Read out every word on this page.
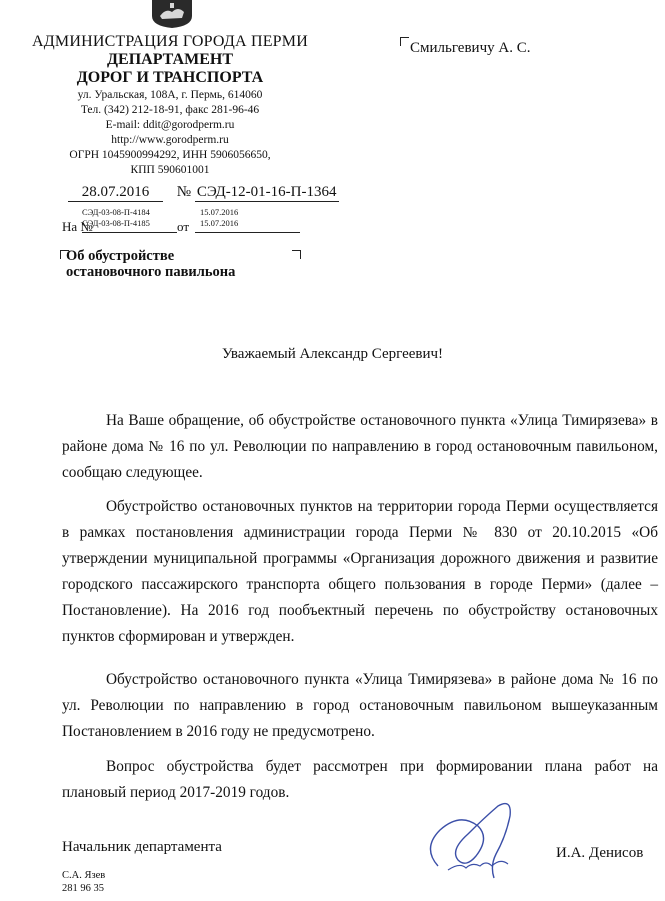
АДМИНИСТРАЦИЯ ГОРОДА ПЕРМИ
ДЕПАРТАМЕНТ
ДОРОГ И ТРАНСПОРТА
ул. Уральская, 108А, г. Пермь, 614060
Тел. (342) 212-18-91, факс 281-96-46
E-mail: ddit@gorodperm.ru
http://www.gorodperm.ru
ОГРН 1045900994292, ИНН 5906056650,
КПП 590601001
Смильгевичу А. С.
28.07.2016 № СЭД-12-01-16-П-1364
СЭД-03-08-П-4184	15.07.2016
СЭД-03-08-П-4185	15.07.2016
На №	от
Об обустройстве
остановочного павильона
Уважаемый Александр Сергеевич!
На Ваше обращение, об обустройстве остановочного пункта «Улица Тимирязева» в районе дома № 16 по ул. Революции по направлению в город остановочным павильоном, сообщаю следующее.
Обустройство остановочных пунктов на территории города Перми осуществляется в рамках постановления администрации города Перми № 830 от 20.10.2015 «Об утверждении муниципальной программы «Организация дорожного движения и развитие городского пассажирского транспорта общего пользования в городе Перми» (далее – Постановление). На 2016 год пообъектный перечень по обустройству остановочных пунктов сформирован и утвержден.
Обустройство остановочного пункта «Улица Тимирязева» в районе дома № 16 по ул. Революции по направлению в город остановочным павильоном вышеуказанным Постановлением в 2016 году не предусмотрено.
Вопрос обустройства будет рассмотрен при формировании плана работ на плановый период 2017-2019 годов.
Начальник департамента	И.А. Денисов
С.А. Язев
281 96 35
